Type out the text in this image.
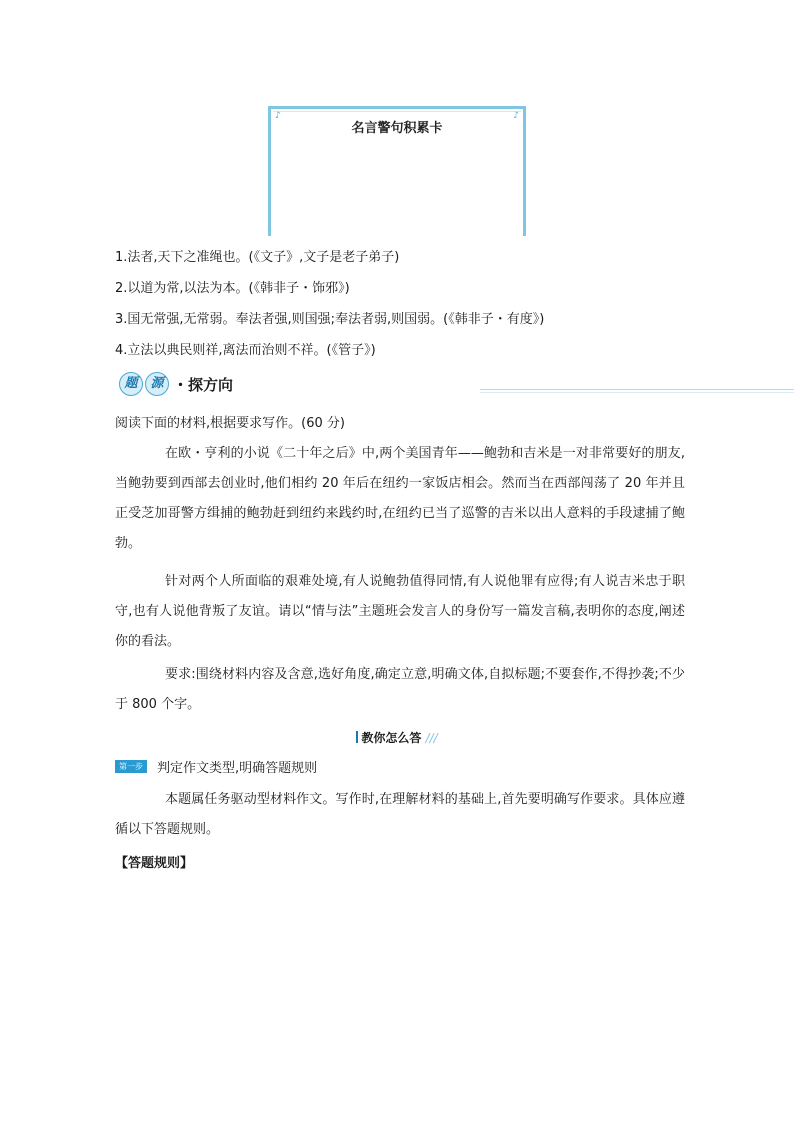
♪	♪
名言警句积累卡
1.法者,天下之准绳也。(《文子》,文子是老子弟子)
2.以道为常,以法为本。(《韩非子・饰邪》)
3.国无常强,无常弱。奉法者强,则国强;奉法者弱,则国弱。(《韩非子・有度》)
4.立法以典民则祥,离法而治则不祥。(《管子》)
题 源 ・探方向
阅读下面的材料,根据要求写作。(60 分)
在欧・亨利的小说《二十年之后》中,两个美国青年——鲍勃和吉米是一对非常要好的朋友,当鲍勃要到西部去创业时,他们相约 20 年后在纽约一家饭店相会。然而当在西部闯荡了 20 年并且正受芝加哥警方缉捕的鲍勃赶到纽约来践约时,在纽约已当了巡警的吉米以出人意料的手段逮捕了鲍勃。
针对两个人所面临的艰难处境,有人说鲍勃值得同情,有人说他罪有应得;有人说吉米忠于职守,也有人说他背叛了友谊。请以“情与法”主题班会发言人的身份写一篇发言稿,表明你的态度,阐述你的看法。
要求:围绕材料内容及含意,选好角度,确定立意,明确文体,自拟标题;不要套作,不得抄袭;不少于 800 个字。
教你怎么答 ///
第一步	判定作文类型,明确答题规则
本题属任务驱动型材料作文。写作时,在理解材料的基础上,首先要明确写作要求。具体应遵循以下答题规则。
【答题规则】
